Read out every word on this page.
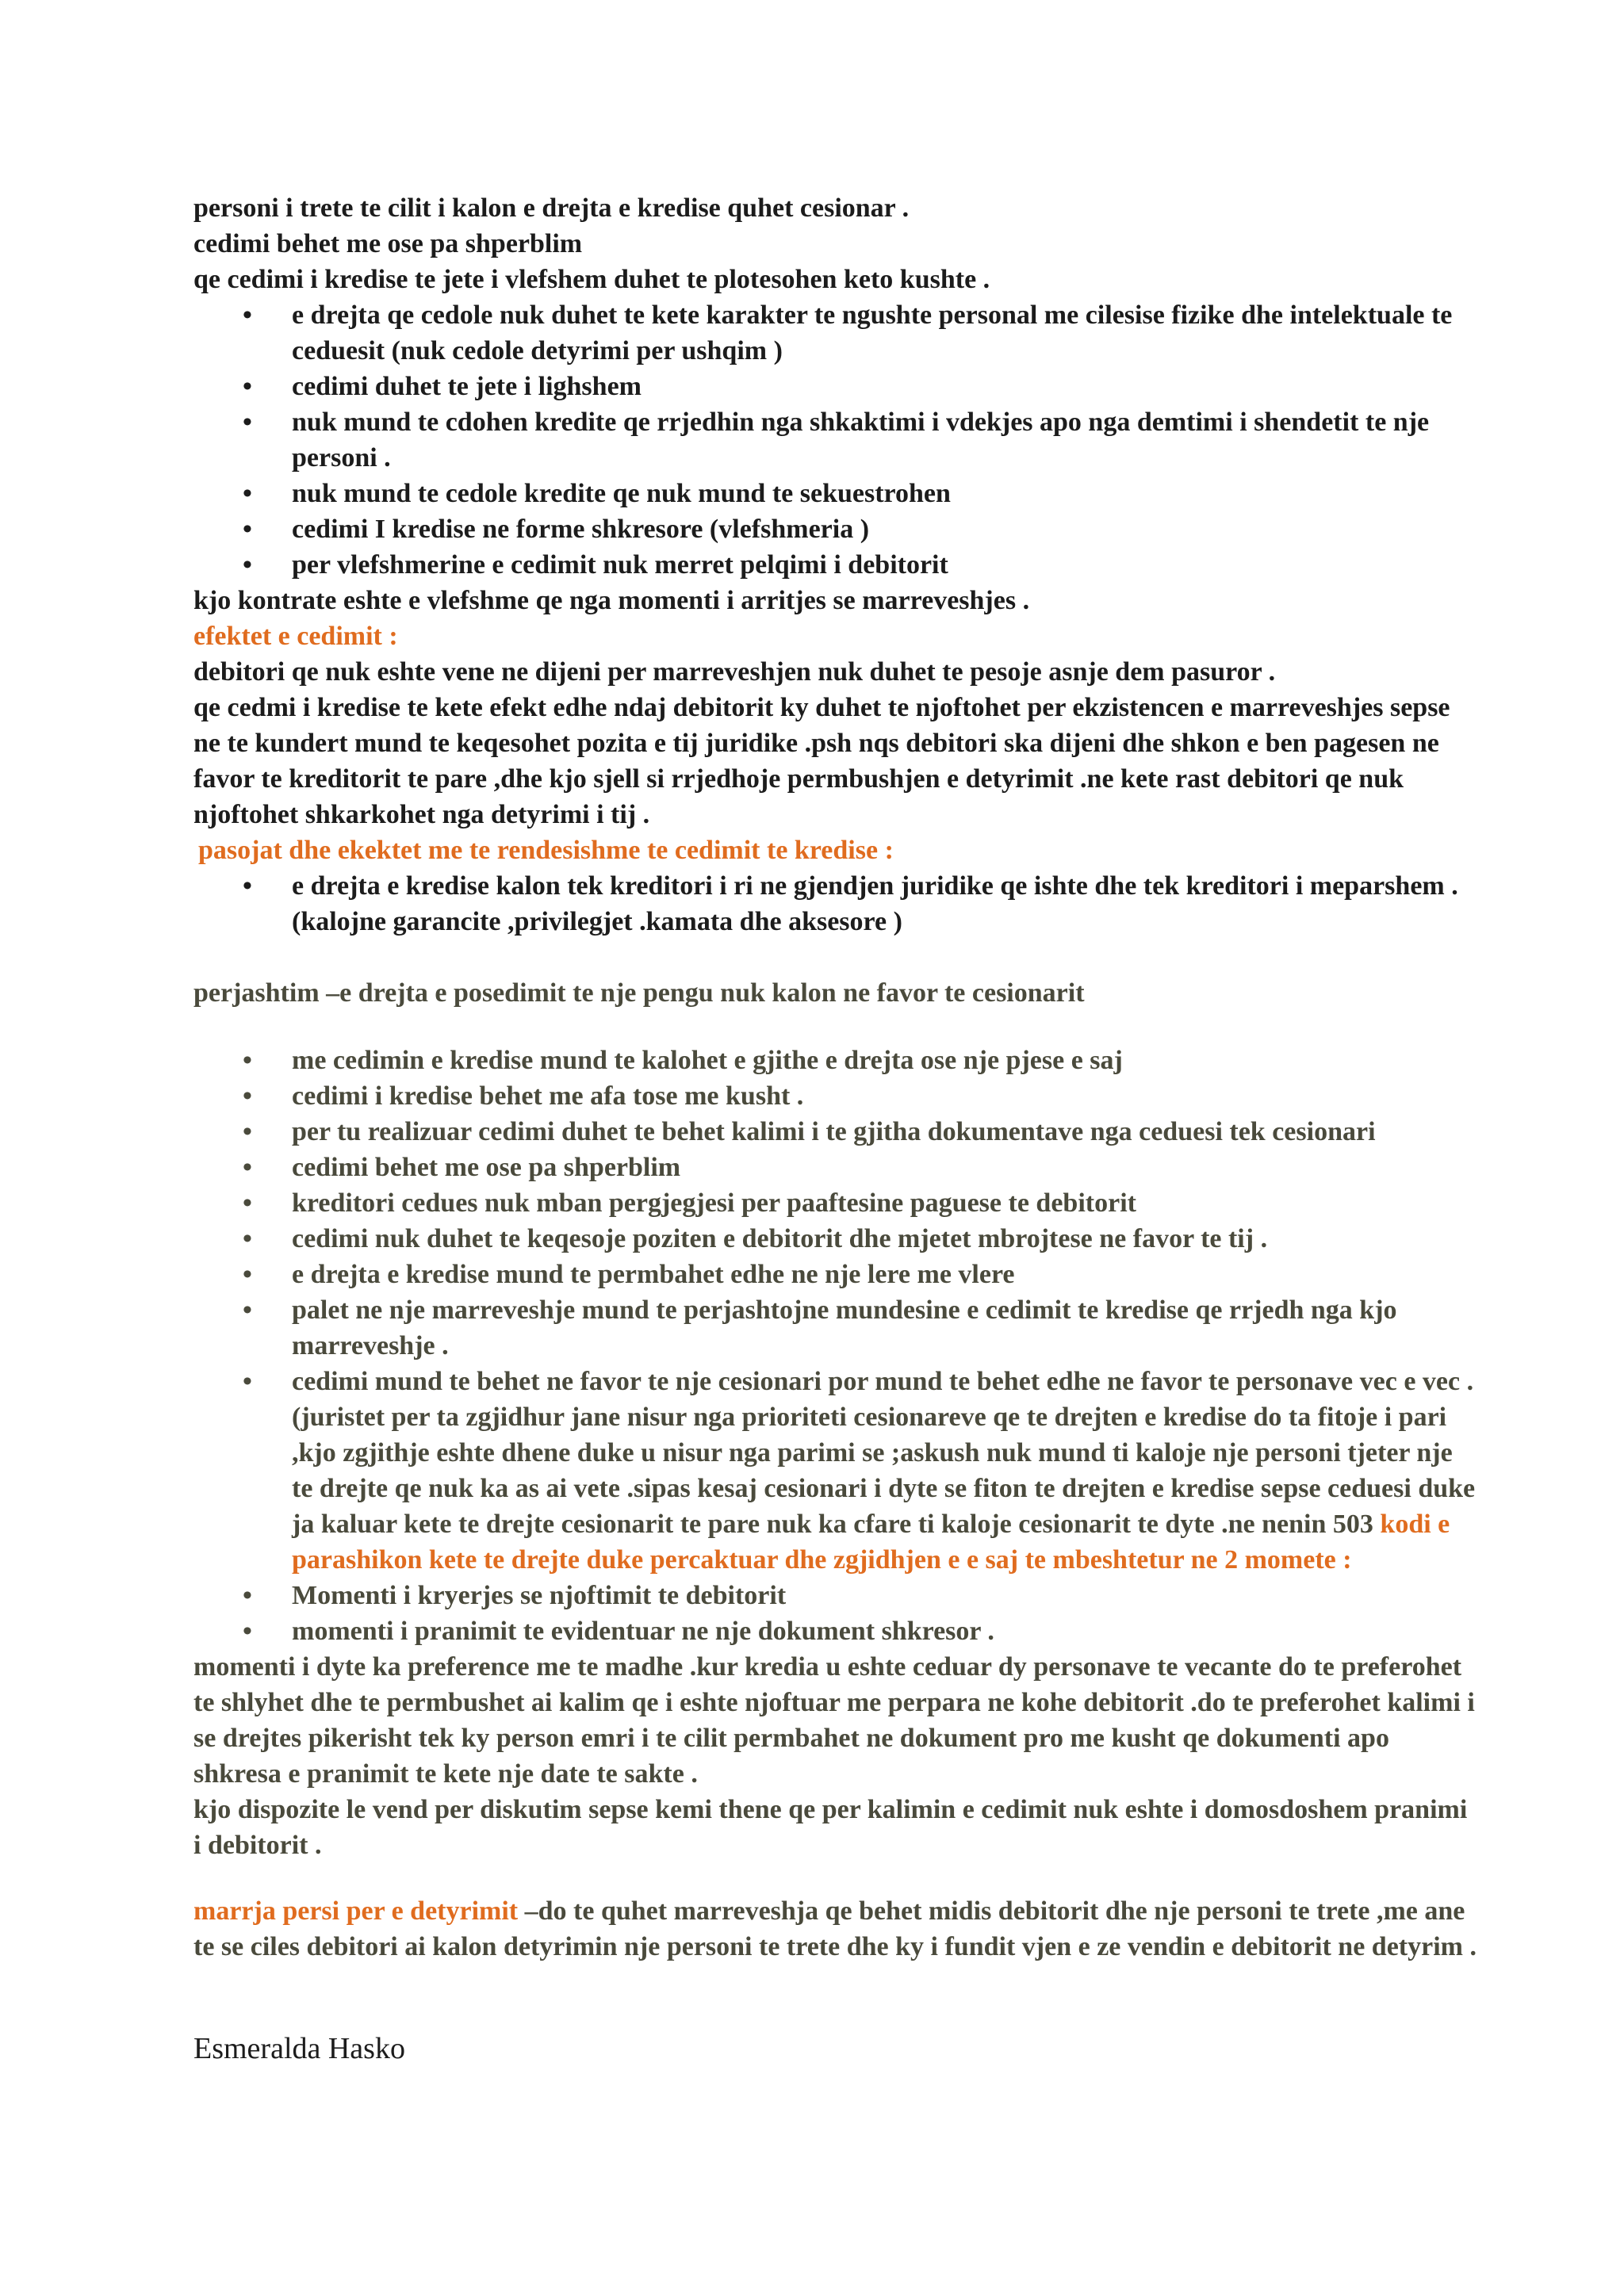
personi i trete te cilit i kalon e drejta e kredise quhet cesionar .

cedimi behet me ose pa shperblim

qe cedimi i kredise te jete i vlefshem duhet te plotesohen keto kushte .

• e drejta qe cedole nuk duhet te kete karakter te ngushte personal me cilesise fizike dhe intelektuale te ceduesit (nuk cedole detyrimi per ushqim )
• cedimi duhet te jete i lighshem
• nuk mund te cdohen kredite qe rrjedhin nga shkaktimi i vdekjes apo nga demtimi i shendetit te nje personi .
• nuk mund te cedole kredite qe nuk mund te sekuestrohen
• cedimi I kredise ne forme shkresore (vlefshmeria )
• per vlefshmerine e cedimit nuk merret pelqimi i debitorit

kjo kontrate eshte e vlefshme qe nga momenti i arritjes se marreveshjes .

efektet e cedimit :

debitori qe nuk eshte vene ne dijeni per marreveshjen nuk duhet te pesoje asnje dem pasuror .

qe cedmi i kredise te kete efekt edhe ndaj debitorit ky duhet te njoftohet per ekzistencen e marreveshjes sepse ne te kundert mund te keqesohet pozita e tij juridike .psh nqs debitori ska dijeni dhe shkon e ben pagesen ne favor te kreditorit te pare ,dhe kjo sjell si rrjedhoje permbushjen e detyrimit .ne kete rast debitori qe nuk njoftohet shkarkohet nga detyrimi i tij .

pasojat dhe ekektet me te rendesishme te cedimit te kredise :

• e drejta e kredise kalon tek kreditori i ri ne gjendjen juridike qe ishte dhe tek kreditori i meparshem .(kalojne garancite ,privilegjet .kamata dhe aksesore )

perjashtim –e drejta e posedimit te nje pengu nuk kalon ne favor te cesionarit

• me cedimin e kredise mund te kalohet e gjithe e drejta ose nje pjese e saj
• cedimi i kredise behet me afa tose me kusht .
• per tu realizuar cedimi duhet te behet kalimi i te gjitha dokumentave nga ceduesi tek cesionari
• cedimi behet me ose pa shperblim
• kreditori cedues nuk mban pergjegjesi per paaftesine paguese te debitorit
• cedimi nuk duhet te keqesoje poziten e debitorit dhe mjetet mbrojtese ne favor te tij .
• e drejta e kredise mund te permbahet edhe ne nje lere me vlere
• palet ne nje marreveshje mund te perjashtojne mundesine e cedimit te kredise qe rrjedh nga kjo marreveshje .
• cedimi mund te behet ne favor te nje cesionari por mund te behet edhe ne favor te personave vec e vec .(juristet per ta zgjidhur jane nisur nga prioriteti cesionareve qe te drejten e kredise do ta fitoje i pari ,kjo zgjithje eshte dhene duke u nisur nga parimi se ;askush nuk mund ti kaloje nje personi tjeter nje te drejte qe nuk ka as ai vete .sipas kesaj cesionari i dyte se fiton te drejten e kredise sepse ceduesi duke ja kaluar kete te drejte cesionarit te pare nuk ka cfare ti kaloje cesionarit te dyte .ne nenin 503 kodi e parashikon kete te drejte duke percaktuar dhe zgjidhjen e e saj te mbeshtetur ne 2 momete :
• Momenti i kryerjes se njoftimit te debitorit
• momenti i pranimit te evidentuar ne nje dokument shkresor .

momenti i dyte ka preference me te madhe .kur kredia u eshte ceduar dy personave te vecante do te preferohet te shlyhet dhe te permbushet ai kalim qe i eshte njoftuar me perpara ne kohe debitorit .do te preferohet kalimi i se drejtes pikerisht tek ky person emri i te cilit permbahet ne dokument pro me kusht qe dokumenti apo shkresa e pranimit te kete nje date te sakte .

kjo dispozite le vend per diskutim sepse kemi thene qe per kalimin e cedimit nuk eshte i domosdoshem pranimi i debitorit .

marrja persi per e detyrimit –do te quhet marreveshja qe behet midis debitorit dhe nje personi te trete ,me ane te se ciles debitori ai kalon detyrimin nje personi te trete dhe ky i fundit vjen e ze vendin e debitorit ne detyrim .

Esmeralda Hasko
